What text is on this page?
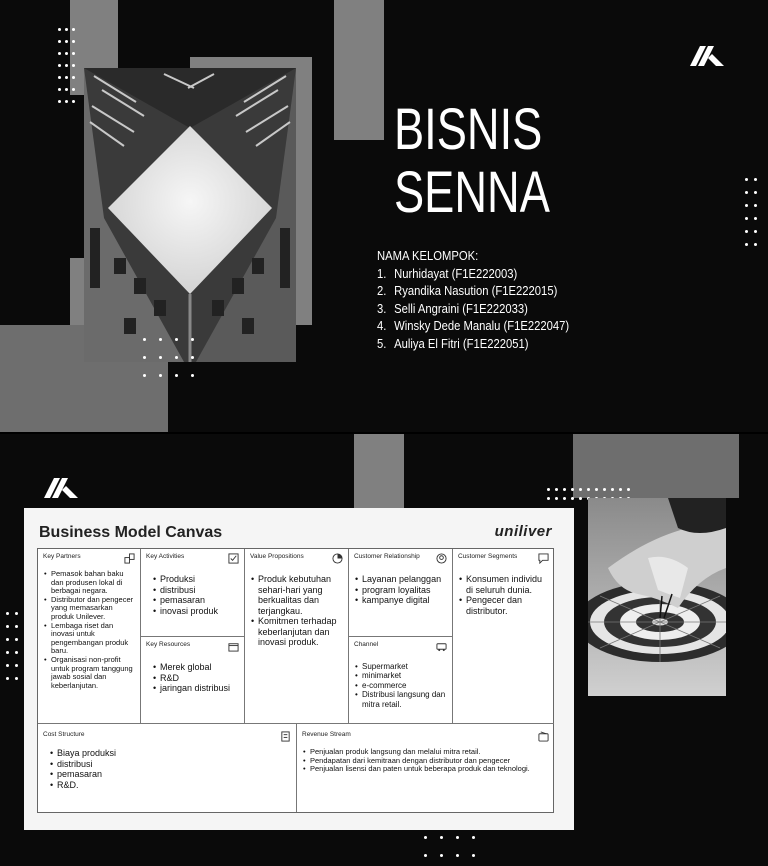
BISNIS
SENNA
NAMA KELOMPOK:
1. Nurhidayat (F1E222003)
2. Ryandika Nasution (F1E222015)
3. Selli Angraini (F1E222033)
4. Winsky Dede Manalu (F1E222047)
5. Auliya El Fitri (F1E222051)
Business Model Canvas	uniliver
Key Partners
• Pemasok bahan baku dan produsen lokal di berbagai negara.
• Distributor dan pengecer yang memasarkan produk Unilever.
• Lembaga riset dan inovasi untuk pengembangan produk baru.
• Organisasi non-profit untuk program tanggung jawab sosial dan keberlanjutan.
Key Activities
• Produksi
• distribusi
• pemasaran
• inovasi produk
Key Resources
• Merek global
• R&D
• jaringan distribusi
Value Propositions
• Produk kebutuhan sehari-hari yang berkualitas dan terjangkau.
• Komitmen terhadap keberlanjutan dan inovasi produk.
Customer Relationship
• Layanan pelanggan
• program loyalitas
• kampanye digital
Channel
• Supermarket
• minimarket
• e-commerce
• Distribusi langsung dan mitra retail.
Customer Segments
• Konsumen individu di seluruh dunia.
• Pengecer dan distributor.
Cost Structure
• Biaya produksi
• distribusi
• pemasaran
• R&D.
Revenue Stream
• Penjualan produk langsung dan melalui mitra retail.
• Pendapatan dari kemitraan dengan distributor dan pengecer
• Penjualan lisensi dan paten untuk beberapa produk dan teknologi.
